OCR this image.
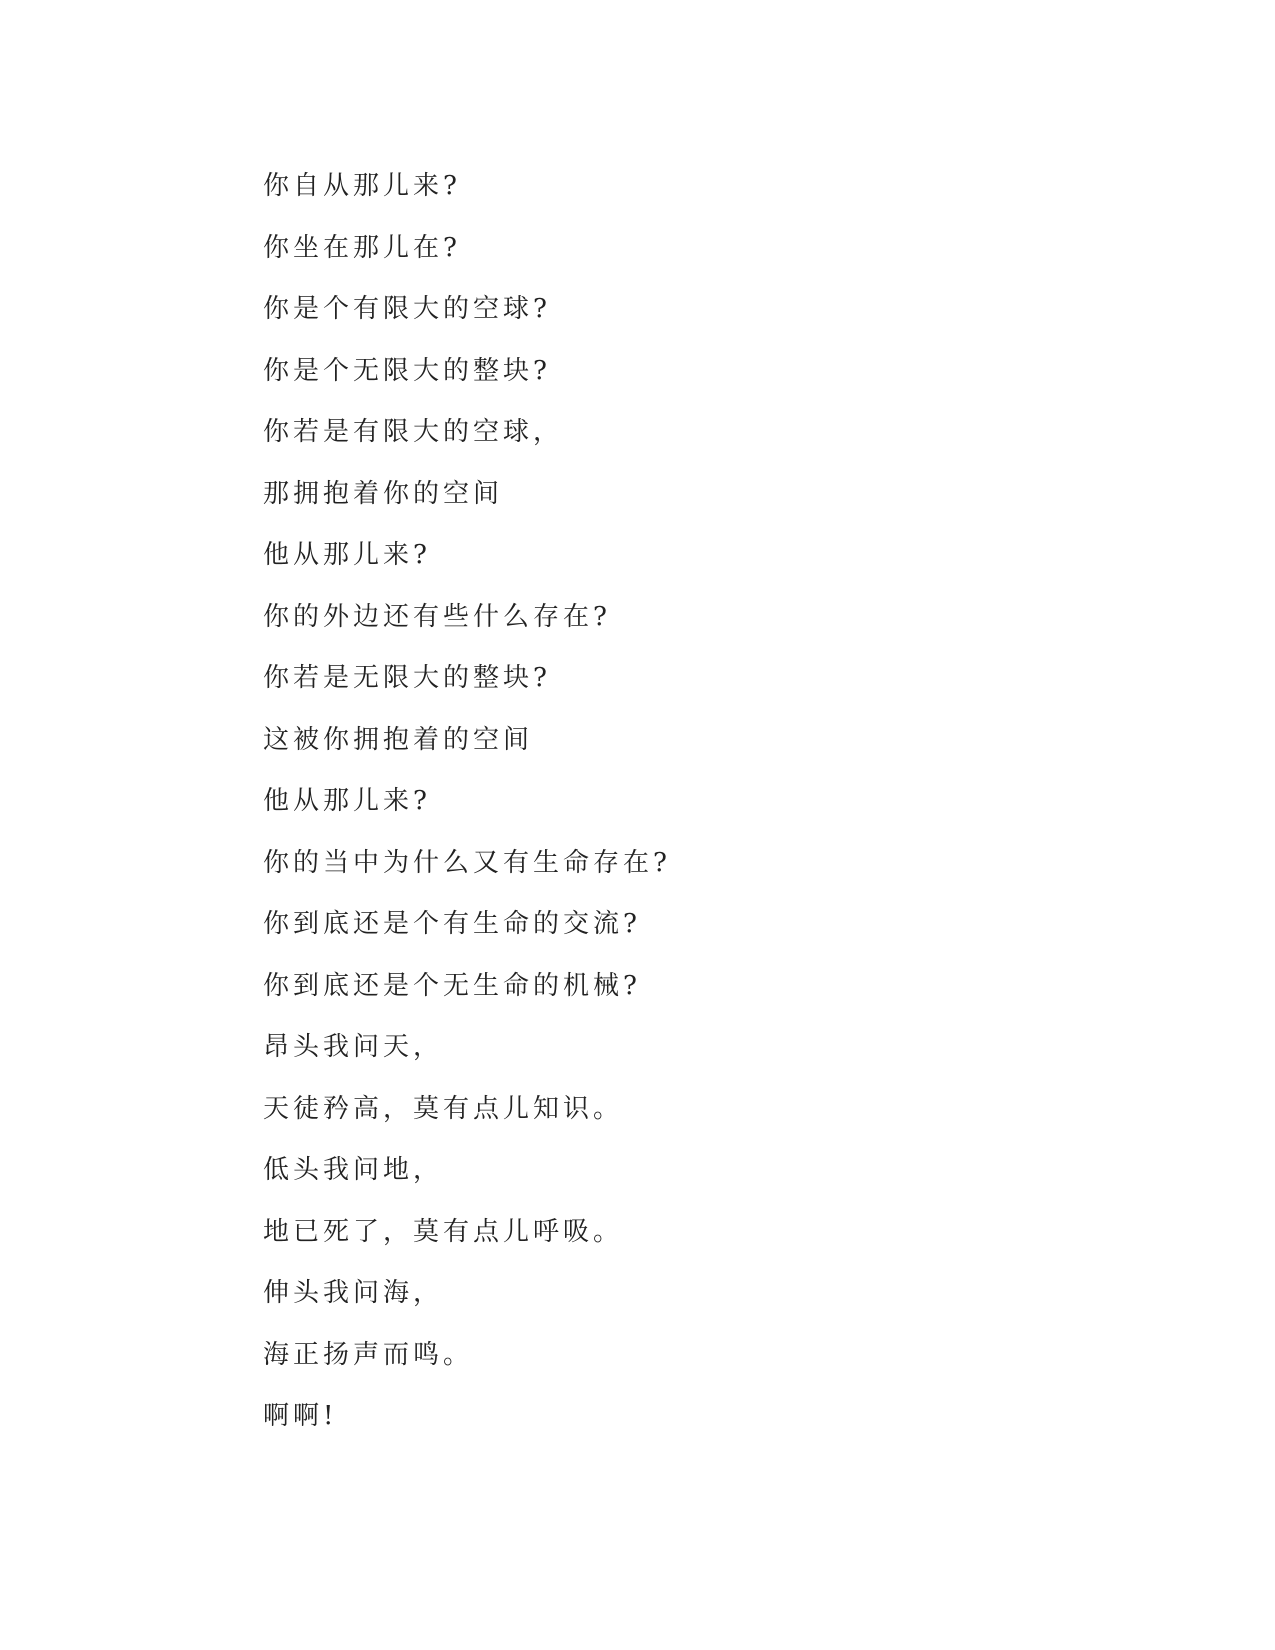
你自从那儿来?
你坐在那儿在?
你是个有限大的空球?
你是个无限大的整块?
你若是有限大的空球，
那拥抱着你的空间
他从那儿来?
你的外边还有些什么存在?
你若是无限大的整块?
这被你拥抱着的空间
他从那儿来?
你的当中为什么又有生命存在?
你到底还是个有生命的交流?
你到底还是个无生命的机械?
昂头我问天，
天徒矜高，莫有点儿知识。
低头我问地，
地已死了，莫有点儿呼吸。
伸头我问海，
海正扬声而鸣。
啊啊!
